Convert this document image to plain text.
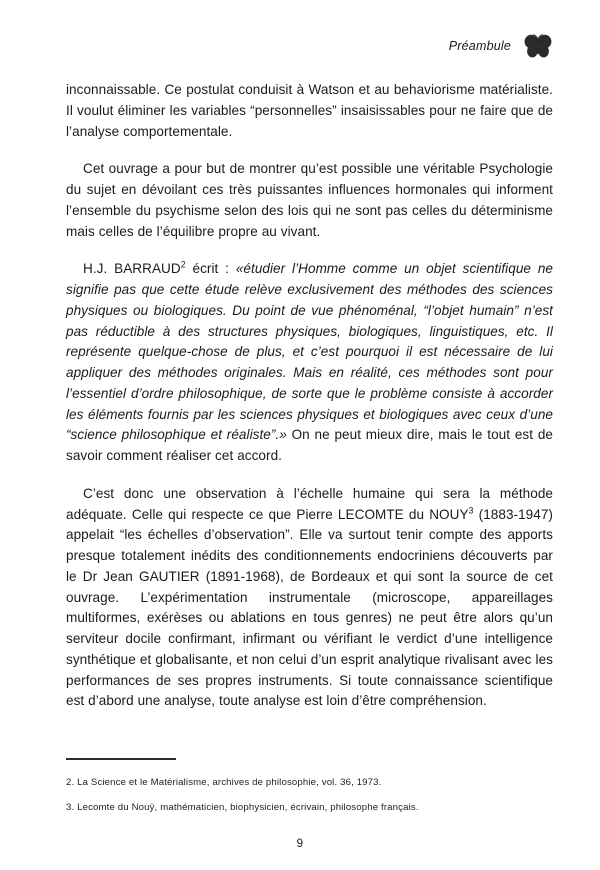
Préambule

inconnaissable. Ce postulat conduisit à Watson et au behaviorisme matérialiste. Il voulut éliminer les variables “personnelles” insaisissables pour ne faire que de l’analyse comportementale.

Cet ouvrage a pour but de montrer qu’est possible une véritable Psychologie du sujet en dévoilant ces très puissantes influences hormonales qui informent l’ensemble du psychisme selon des lois qui ne sont pas celles du déterminisme mais celles de l’équilibre propre au vivant.

H.J. BARRAUD$^2$ écrit : «étudier l’Homme comme un objet scientifique ne signifie pas que cette étude relève exclusivement des méthodes des sciences physiques ou biologiques. Du point de vue phénoménal, “l’objet humain” n’est pas réductible à des structures physiques, biologiques, linguistiques, etc. Il représente quelque-chose de plus, et c’est pourquoi il est nécessaire de lui appliquer des méthodes originales. Mais en réalité, ces méthodes sont pour l’essentiel d’ordre philosophique, de sorte que le problème consiste à accorder les éléments fournis par les sciences physiques et biologiques avec ceux d’une “science philosophique et réaliste”.» On ne peut mieux dire, mais le tout est de savoir comment réaliser cet accord.

C’est donc une observation à l’échelle humaine qui sera la méthode adéquate. Celle qui respecte ce que Pierre LECOMTE du NOUY$^3$ (1883-1947) appelait “les échelles d’observation”. Elle va surtout tenir compte des apports presque totalement inédits des conditionnements endocriniens découverts par le Dr Jean GAUTIER (1891-1968), de Bordeaux et qui sont la source de cet ouvrage. L’expérimentation instrumentale (microscope, appareillages multiformes, exérèses ou ablations en tous genres) ne peut être alors qu’un serviteur docile confirmant, infirmant ou vérifiant le verdict d’une intelligence synthétique et globalisante, et non celui d’un esprit analytique rivalisant avec les performances de ses propres instruments. Si toute connaissance scientifique est d’abord une analyse, toute analyse est loin d’être compréhension.

2. La Science et le Matérialisme, archives de philosophie, vol. 36, 1973.

3. Lecomte du Nouÿ, mathématicien, biophysicien, écrivain, philosophe français.

9
